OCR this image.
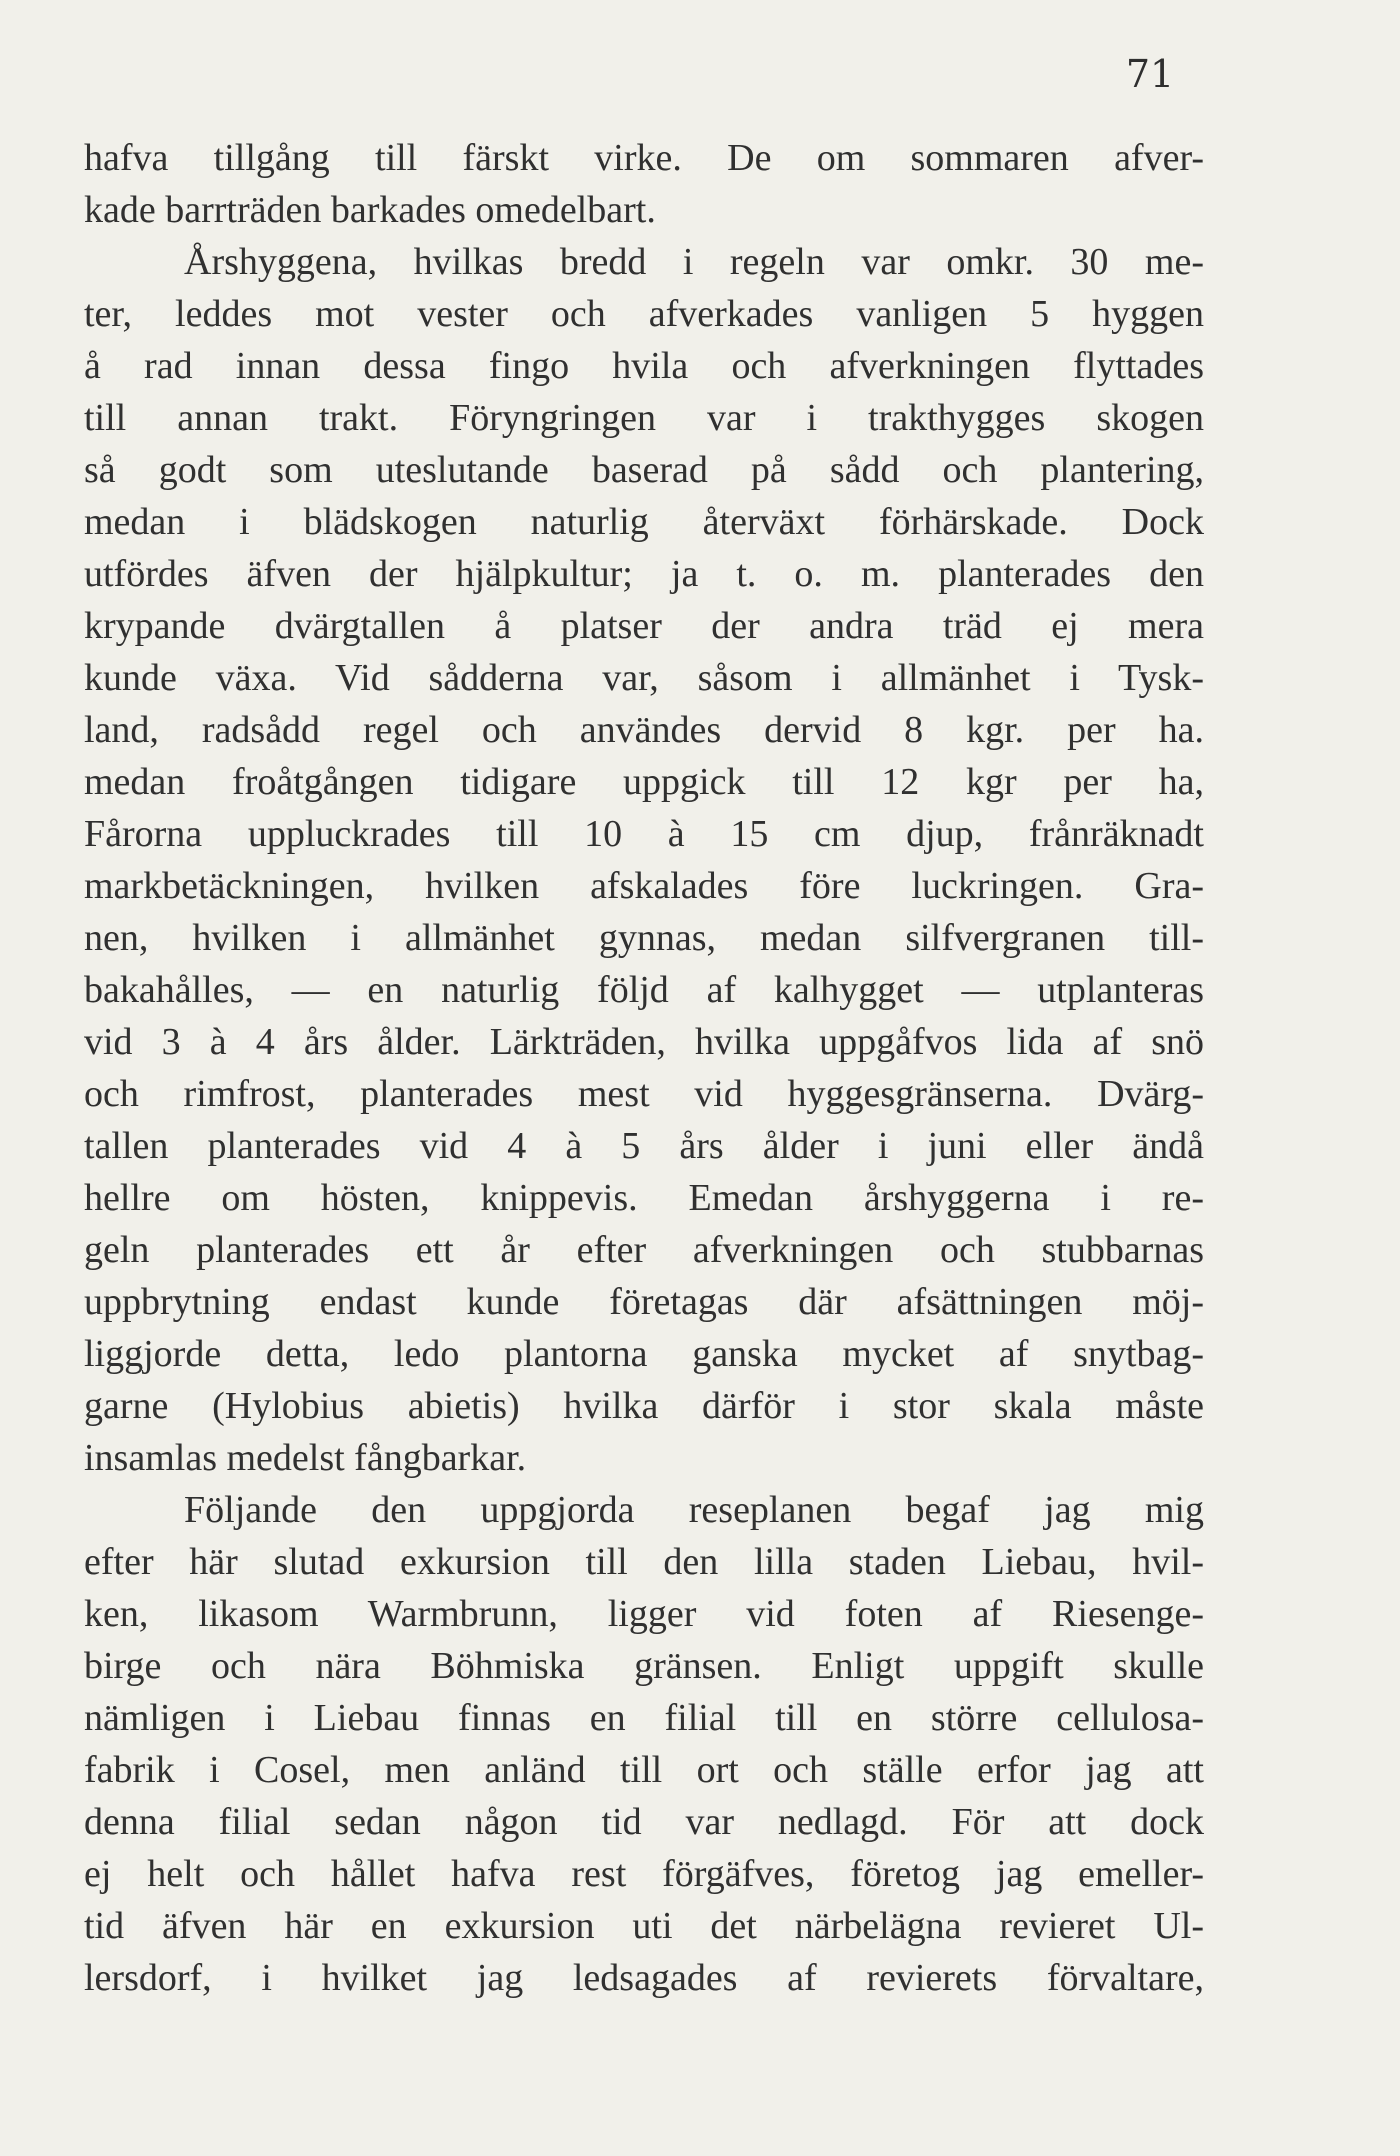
71
hafva tillgång till färskt virke. De om sommaren afver-
kade barrträden barkades omedelbart.
Årshyggena, hvilkas bredd i regeln var omkr. 30 me-
ter, leddes mot vester och afverkades vanligen 5 hyggen
å rad innan dessa fingo hvila och afverkningen flyttades
till annan trakt. Föryngringen var i trakthygges skogen
så godt som uteslutande baserad på sådd och plantering,
medan i blädskogen naturlig återväxt förhärskade. Dock
utfördes äfven der hjälpkultur; ja t. o. m. planterades den
krypande dvärgtallen å platser der andra träd ej mera
kunde växa. Vid sådderna var, såsom i allmänhet i Tysk-
land, radsådd regel och användes dervid 8 kgr. per ha.
medan froåtgången tidigare uppgick till 12 kgr per ha,
Fårorna uppluckrades till 10 à 15 cm djup, frånräknadt
markbetäckningen, hvilken afskalades före luckringen. Gra-
nen, hvilken i allmänhet gynnas, medan silfvergranen till-
bakahålles, — en naturlig följd af kalhygget — utplanteras
vid 3 à 4 års ålder. Lärkträden, hvilka uppgåfvos lida af snö
och rimfrost, planterades mest vid hyggesgränserna. Dvärg-
tallen planterades vid 4 à 5 års ålder i juni eller ändå
hellre om hösten, knippevis. Emedan årshyggerna i re-
geln planterades ett år efter afverkningen och stubbarnas
uppbrytning endast kunde företagas där afsättningen möj-
liggjorde detta, ledo plantorna ganska mycket af snytbag-
garne (Hylobius abietis) hvilka därför i stor skala måste
insamlas medelst fångbarkar.
Följande den uppgjorda reseplanen begaf jag mig
efter här slutad exkursion till den lilla staden Liebau, hvil-
ken, likasom Warmbrunn, ligger vid foten af Riesenge-
birge och nära Böhmiska gränsen. Enligt uppgift skulle
nämligen i Liebau finnas en filial till en större cellulosa-
fabrik i Cosel, men anländ till ort och ställe erfor jag att
denna filial sedan någon tid var nedlagd. För att dock
ej helt och hållet hafva rest förgäfves, företog jag emeller-
tid äfven här en exkursion uti det närbelägna revieret Ul-
lersdorf, i hvilket jag ledsagades af revierets förvaltare,
